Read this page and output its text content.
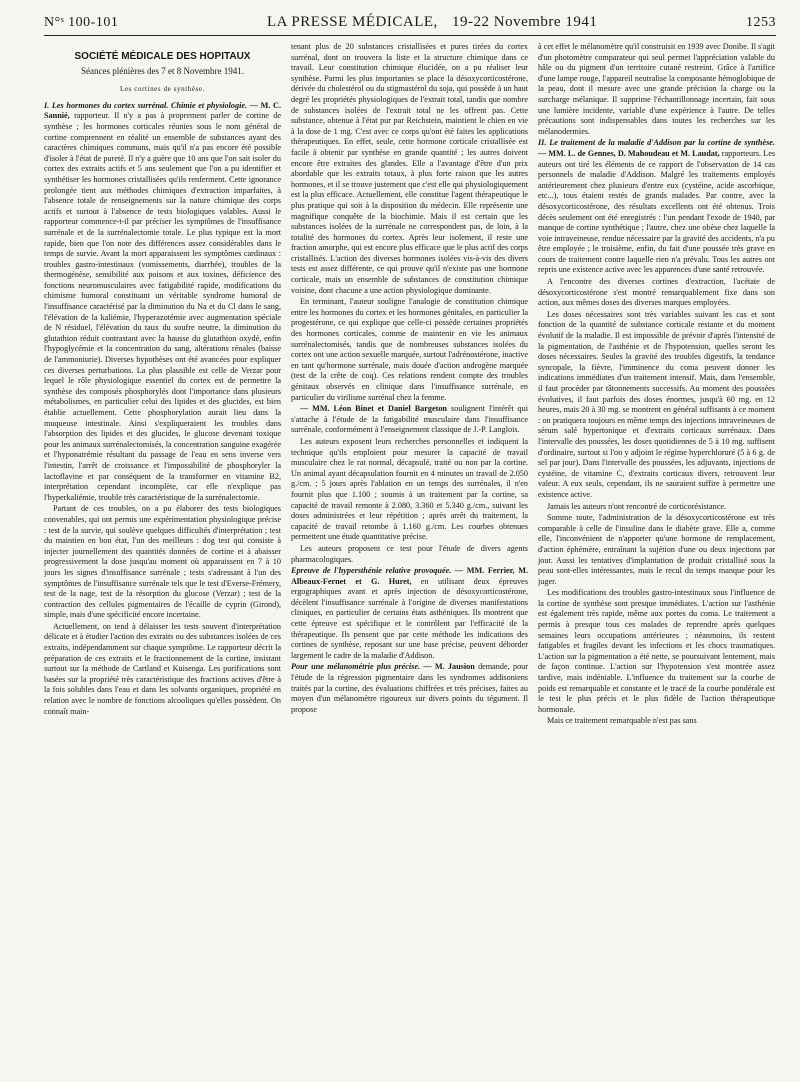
N°ˢ 100-101	LA PRESSE MÉDICALE, 19-22 Novembre 1941	1253
SOCIÉTÉ MÉDICALE DES HOPITAUX
Séances plénières des 7 et 8 Novembre 1941.
Les cortines de synthèse.

I. Les hormones du cortex surrénal. Chimie et physiologie. — M. C. Sannié, rapporteur. Il n'y a pas à proprement parler de cortine de synthèse ; les hormones corticales réunies sous le nom général de cortine comprennent en réalité un ensemble de substances ayant des caractères chimiques communs, mais qu'il n'a pas encore été possible d'isoler à l'état de pureté. Il n'y a guère que 10 ans que l'on sait isoler du cortex des extraits actifs et 5 ans seulement que l'on a pu identifier et synthétiser les hormones cristallisées qu'ils renferment. Cette ignorance prolongée tient aux méthodes chimiques d'extraction imparfaites, à l'absence totale de renseignements sur la nature chimique des corps actifs et surtout à l'absence de tests biologiques valables. Aussi le rapporteur commence-t-il par préciser les symptômes de l'insuffisance surrénale et de la surrénalectomie totale. Le plus typique est la mort rapide, bien que l'on note des différences assez considérables dans le temps de survie. Avant la mort apparaissent les symptômes cardinaux : troubles gastro-intestinaux (vomissements, diarrhée), troubles de la thermogénèse, sensibilité aux poisons et aux toxines, déficience des fonctions neuromusculaires avec fatigabilité rapide, modifications du chimisme humoral constituant un véritable syndrome humoral de l'insuffisance caractérisé par la diminution du Na et du Cl dans le sang, l'élévation de la kaliémie, l'hyperazotémie avec augmentation spéciale de N résiduel, l'élévation du taux du soufre neutre, la diminution du glutathion réduit contrastant avec la hausse du glutathion oxydé, enfin l'hypoglycémie et la concentration du sang, altérations rénales (baisse de l'ammoniurie). Diverses hypothèses ont été avancées pour expliquer ces diverses perturbations. La plus plausible est celle de Verzar pour lequel le rôle physiologique essentiel du cortex est de permettre la synthèse des composés phosphorylés dont l'importance dans plusieurs métabolismes, en particulier celui des lipides et des glucides, est bien établie actuellement. Cette phosphorylation aurait lieu dans la muqueuse intestinale. Ainsi s'expliqueraient les troubles dans l'absorption des lipides et des glucides, le glucose devenant toxique pour les animaux surrénalectomisés, la concentration sanguine exagérée et l'hyponatrémie résultant du passage de l'eau en sens inverse vers l'intestin, l'arrêt de croissance et l'impossibilité de phosphoryler la lactoflavine et par conséquent de la transformer en vitamine B2, interprétation cependant incomplète, car elle n'explique pas l'hyperkaliémie, trouble très caractéristique de la surrénalectomie.

Partant de ces troubles, on a pu élaborer des tests biologiques convenables, qui ont permis une expérimentation physiologique précise : test de la survie, qui soulève quelques difficultés d'interprétation ; test du maintien en bon état, l'un des meilleurs : dog test qui consiste à injecter journellement des quantités données de cortine et à abaisser progressivement la dose jusqu'au moment où apparaissent en 7 à 10 jours les signes d'insuffisance surrénale ; tests s'adressant à l'un des symptômes de l'insuffisance surrénale tels que le test d'Everse-Frémery, test de la nage, test de la résorption du glucose (Verzar) ; test de la contraction des cellules pigmentaires de l'écaille de cyprin (Girond), simple, mais d'une spécificité encore incertaine.

Actuellement, on tend à délaisser les tests souvent d'interprétation délicate et à étudier l'action des extraits ou des substances isolées de ces extraits, indépendamment sur chaque symptôme. Le rapporteur décrit la préparation de ces extraits et le fractionnement de la cortine, insistant surtout sur la méthode de Cartland et Kuisenga. Les purifications sont basées sur la propriété très caractéristique des fractions actives d'être à la fois solubles dans l'eau et dans les solvants organiques, propriété en relation avec le nombre de fonctions alcooliques qu'elles possèdent. On connaît main-

tenant plus de 20 substances cristallisées et pures tirées du cortex surrénal, dont on trouvera la liste et la structure chimique dans ce travail. Leur constitution chimique élucidée, on a pu réaliser leur synthèse. Parmi les plus importantes se place la désoxycorticostérone, dérivée du cholestérol ou du stigmastérol du soja, qui possède à un haut degré les propriétés physiologiques de l'extrait total, tandis que nombre de substances isolées de l'extrait total ne les offrent pas. Cette substance, obtenue à l'état pur par Reichstein, maintient le chien en vie à la dose de 1 mg. C'est avec ce corps qu'ont été faites les applications thérapeutiques. En effet, seule, cette hormone corticale cristallisée est facile à obtenir par synthèse en grande quantité ; les autres doivent encore être extraites des glandes. Elle a l'avantage d'être d'un prix abordable que les extraits totaux, à plus forte raison que les autres hormones, et il se trouve justement que c'est elle qui physiologiquement est la plus efficace. Actuellement, elle constitue l'agent thérapeutique le plus pratique qui soit à la disposition du médecin. Elle représente une magnifique conquête de la biochimie. Mais il est certain que les substances isolées de la surrénale ne correspondent pas, de loin, à la totalité des hormones du cortex. Après leur isolement, il reste une fraction amorphe, qui est encore plus efficace que le plus actif des corps cristallisés. L'action des diverses hormones isolées vis-à-vis des divers tests est assez différente, ce qui prouve qu'il n'existe pas une hormone corticale, mais un ensemble de substances de constitution chimique voisine, dont chacune a une action physiologique dominante.

En terminant, l'auteur souligne l'analogie de constitution chimique entre les hormones du cortex et les hormones génitales, en particulier la progestérone, ce qui explique que celle-ci possède certaines propriétés des hormones corticales, comme de maintenir en vie les animaux surrénalectomisés, tandis que de nombreuses substances isolées du cortex ont une action sexuelle marquée, surtout l'adrénostérone, inactive en tant qu'hormone surrénale, mais douée d'action androgène marquée (test de la crête de coq). Ces relations rendent compte des troubles génitaux observés en clinique dans l'insuffisance surrénale, en particulier du virilisme surrénal chez la femme.

— MM. Léon Binet et Daniel Bargeton soulignent l'intérêt qui s'attache à l'étude de la fatigabilité musculaire dans l'insuffisance surrénale, conformément à l'enseignement classique de J.-P. Langlois.

Les auteurs exposent leurs recherches personnelles et indiquent la technique qu'ils emploient pour mesurer la capacité de travail musculaire chez le rat normal, décapsulé, traité ou non par la cortine. Un animal ayant décapsulation fournit en 4 minutes un travail de 2.050 g./cm. ; 5 jours après l'ablation en un temps des surrénales, il n'en fournit plus que 1.100 ; soumis à un traitement par la cortine, sa capacité de travail remonte à 2.080, 3.360 et 5.340 g./cm., suivant les doses administrées et leur répétition ; après arrêt du traitement, la capacité de travail retombe à 1.160 g./cm. Les courbes obtenues permettent une étude quantitative précise.

Les auteurs proposent ce test pour l'étude de divers agents pharmacologiques.

Epreuve de l'hypersthénie relative provoquée. — MM. Ferrier, M. Albeaux-Fernet et G. Huret, en utilisant deux épreuves ergographiques avant et après injection de désoxycorticostérone, décèlent l'insuffisance surrénale à l'origine de diverses manifestations cliniques, en particulier de certains états asthéniques. Ils montrent que cette épreuve est spécifique et le contrôlent par l'efficacité de la thérapeutique. Ils pensent que par cette méthode les indications des cortines de synthèse, reposant sur une base précise, peuvent déborder largement le cadre de la maladie d'Addison.

Pour une mélanométrie plus précise. — M. Jausion demande, pour l'étude de la régression pigmentaire dans les syndromes addisoniens traités par la cortine, des évaluations chiffrées et très précises, faites au moyen d'un mélanomètre rigoureux sur divers points du tégument. Il propose

à cet effet le mélanomètre qu'il construisit en 1939 avec Donibe. Il s'agit d'un photomètre comparateur qui seul permet l'appréciation valable du hâle ou du pigment d'un territoire cutané restreint. Grâce à l'artifice d'une lampe rouge, l'appareil neutralise la composante hémoglobique de la peau, dont il mesure avec une grande précision la charge ou la surcharge mélanique. Il supprime l'échantillonnage incertain, fait sous une lumière incidente, variable d'une expérience à l'autre. De telles précautions sont indispensables dans toutes les recherches sur les mélanodermies.

II. Le traitement de la maladie d'Addison par la cortine de synthèse. — MM. L. de Gennes, D. Mahoudeau et M. Laudat, rapporteurs. Les auteurs ont tiré les éléments de ce rapport de l'observation de 14 cas personnels de maladie d'Addison. Malgré les traitements employés antérieurement chez plusieurs d'entre eux (cystéine, acide ascorbique, etc...), tous étaient restés de grands malades. Par contre, avec la désoxycorticostérone, des résultats excellents ont été obtenus. Trois décès seulement ont été enregistrés : l'un pendant l'exode de 1940, par manque de cortine synthétique ; l'autre, chez une obèse chez laquelle la voie intraveineuse, rendue nécessaire par la gravité des accidents, n'a pu être employée ; le troisième, enfin, du fait d'une poussée très grave en cours de traitement contre laquelle rien n'a prévalu. Tous les autres ont repris une existence active avec les apparences d'une santé retrouvée.

A l'encontre des diverses cortines d'extraction, l'acétate de désoxycorticostérone s'est montré remarquablement fixe dans son action, aux mêmes doses des diverses marques employées.

Les doses nécessaires sont très variables suivant les cas et sont fonction de la quantité de substance corticale restante et du moment évolutif de la maladie. Il est impossible de prévoir d'après l'intensité de la pigmentation, de l'asthénie et de l'hypotension, quelles seront les doses nécessaires. Seules la gravité des troubles digestifs, la tendance syncopale, la fièvre, l'imminence du coma peuvent donner les indications immédiates d'un traitement intensif. Mais, dans l'ensemble, il faut procéder par tâtonnements successifs. Au moment des poussées évolutives, il faut parfois des doses énormes, jusqu'à 60 mg. en 12 heures, mais 20 à 30 mg. se montrent en général suffisants à ce moment : on pratiquera toujours en même temps des injections intraveineuses de sérum salé hypertonique et d'extraits corticaux surrénaux. Dans l'intervalle des poussées, les doses quotidiennes de 5 à 10 mg. suffisent d'ordinaire, surtout si l'on y adjoint le régime hyperchloruré (5 à 6 g. de sel par jour). Dans l'intervalle des poussées, les adjuvants, injections de cystéine, de vitamine C, d'extraits corticaux divers, retrouvent leur valeur. A eux seuls, cependant, ils ne sauraient suffire à permettre une existence active.

Jamais les auteurs n'ont rencontré de corticorésistance.

Somme toute, l'administration de la désoxycorticostérone est très comparable à celle de l'insuline dans le diabète grave. Elle a, comme elle, l'inconvénient de n'apporter qu'une hormone de remplacement, d'action éphémère, entraînant la sujétion d'une ou deux injections par jour. Aussi les tentatives d'implantation de produit cristallisé sous la peau sont-elles intéressantes, mais le recul du temps manque pour les juger.

Les modifications des troubles gastro-intestinaux sous l'influence de la cortine de synthèse sont presque immédiates. L'action sur l'asthénie est également très rapide, même aux portes du coma. Le traitement a permis à presque tous ces malades de reprendre après quelques semaines leurs occupations antérieures ; néanmoins, ils restent fatigables et fragiles devant les infections et les chocs traumatiques. L'action sur la pigmentation a été nette, se poursuivant lentement, mais de façon continue. L'action sur l'hypotension s'est montrée assez tardive, mais indéniable. L'influence du traitement sur la courbe de poids est remarquable et constante et le tracé de la courbe pondérale est le test le plus précis et le plus fidèle de l'action thérapeutique hormonale.

Mais ce traitement remarquable n'est pas sans
